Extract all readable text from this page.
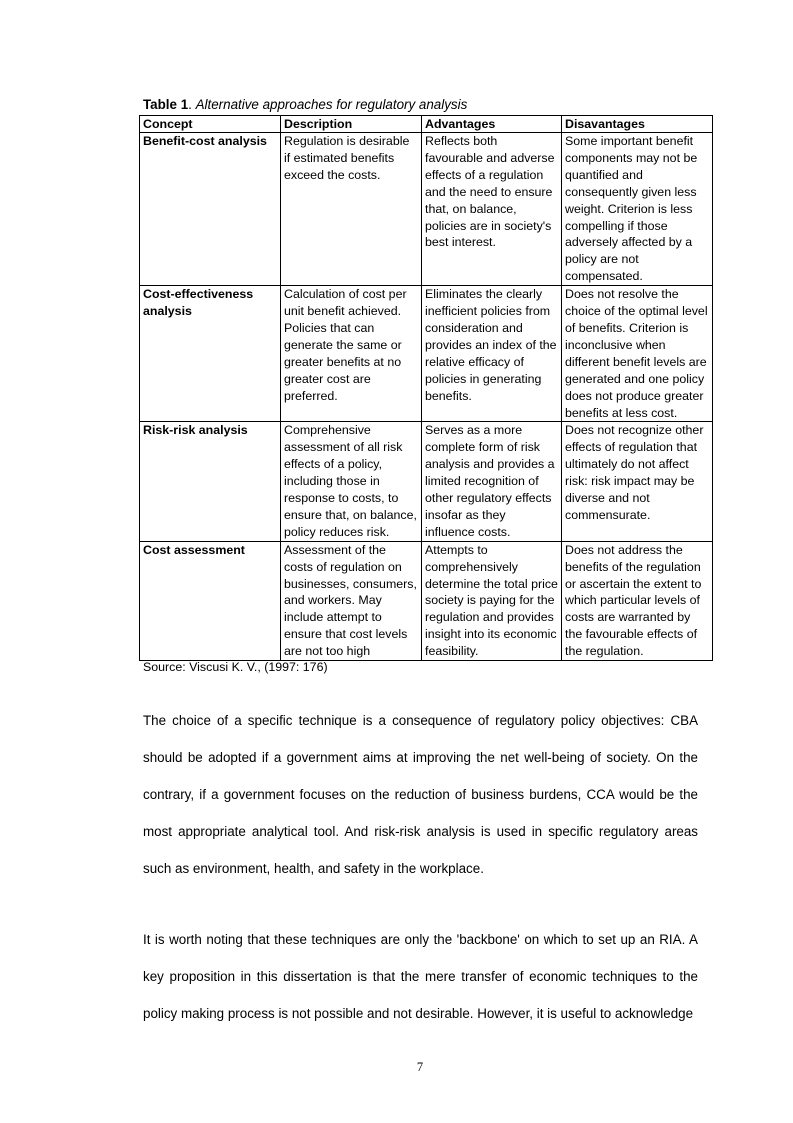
Table 1. Alternative approaches for regulatory analysis
Concept	Description	Advantages	Disavantages
Benefit-cost analysis	Regulation is desirable if estimated benefits exceed the costs.	Reflects both favourable and adverse effects of a regulation and the need to ensure that, on balance, policies are in society's best interest.	Some important benefit components may not be quantified and consequently given less weight. Criterion is less compelling if those adversely affected by a policy are not compensated.
Cost-effectiveness analysis	Calculation of cost per unit benefit achieved. Policies that can generate the same or greater benefits at no greater cost are preferred.	Eliminates the clearly inefficient policies from consideration and provides an index of the relative efficacy of policies in generating benefits.	Does not resolve the choice of the optimal level of benefits. Criterion is inconclusive when different benefit levels are generated and one policy does not produce greater benefits at less cost.
Risk-risk analysis	Comprehensive assessment of all risk effects of a policy, including those in response to costs, to ensure that, on balance, policy reduces risk.	Serves as a more complete form of risk analysis and provides a limited recognition of other regulatory effects insofar as they influence costs.	Does not recognize other effects of regulation that ultimately do not affect risk: risk impact may be diverse and not commensurate.
Cost assessment	Assessment of the costs of regulation on businesses, consumers, and workers. May include attempt to ensure that cost levels are not too high	Attempts to comprehensively determine the total price society is paying for the regulation and provides insight into its economic feasibility.	Does not address the benefits of the regulation or ascertain the extent to which particular levels of costs are warranted by the favourable effects of the regulation.
Source: Viscusi K. V., (1997: 176)

The choice of a specific technique is a consequence of regulatory policy objectives: CBA should be adopted if a government aims at improving the net well-being of society. On the contrary, if a government focuses on the reduction of business burdens, CCA would be the most appropriate analytical tool. And risk-risk analysis is used in specific regulatory areas such as environment, health, and safety in the workplace.

It is worth noting that these techniques are only the 'backbone' on which to set up an RIA. A key proposition in this dissertation is that the mere transfer of economic techniques to the policy making process is not possible and not desirable. However, it is useful to acknowledge

7
